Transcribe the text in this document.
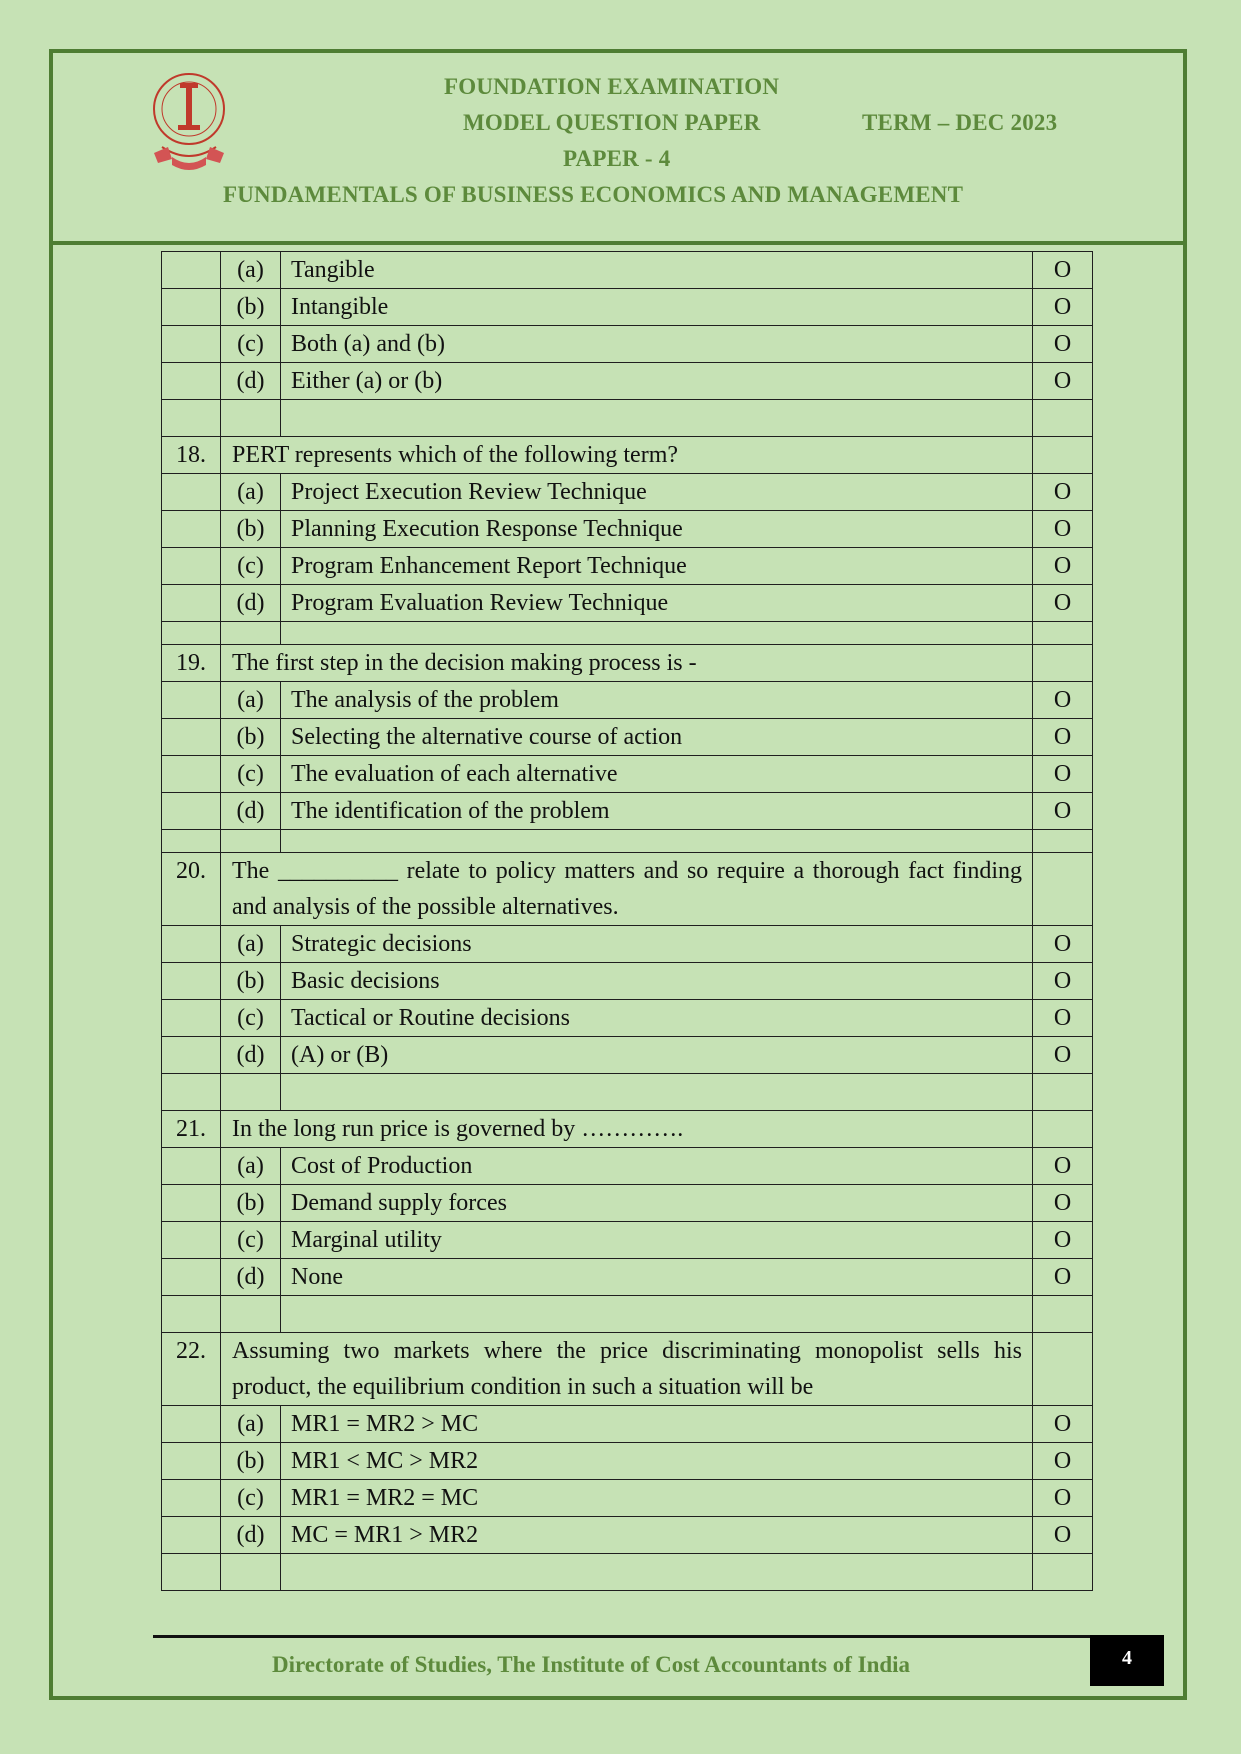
FOUNDATION EXAMINATION
MODEL QUESTION PAPER	TERM – DEC 2023
PAPER - 4
FUNDAMENTALS OF BUSINESS ECONOMICS AND MANAGEMENT
	(a)	Tangible	O
	(b)	Intangible	O
	(c)	Both (a) and (b)	O
	(d)	Either (a) or (b)	O

18.	PERT represents which of the following term?		
	(a)	Project Execution Review Technique	O
	(b)	Planning Execution Response Technique	O
	(c)	Program Enhancement Report Technique	O
	(d)	Program Evaluation Review Technique	O

19.	The first step in the decision making process is -		
	(a)	The analysis of the problem	O
	(b)	Selecting the alternative course of action	O
	(c)	The evaluation of each alternative	O
	(d)	The identification of the problem	O

20.	The __________ relate to policy matters and so require a thorough fact finding and analysis of the possible alternatives.		
	(a)	Strategic decisions	O
	(b)	Basic decisions	O
	(c)	Tactical or Routine decisions	O
	(d)	(A) or (B)	O

21.	In the long run price is governed by ………….		
	(a)	Cost of Production	O
	(b)	Demand supply forces	O
	(c)	Marginal utility	O
	(d)	None	O

22.	Assuming two markets where the price discriminating monopolist sells his product, the equilibrium condition in such a situation will be		
	(a)	MR1 = MR2 > MC	O
	(b)	MR1 < MC > MR2	O
	(c)	MR1 = MR2 = MC	O
	(d)	MC = MR1 > MR2	O

Directorate of Studies, The Institute of Cost Accountants of India	4
